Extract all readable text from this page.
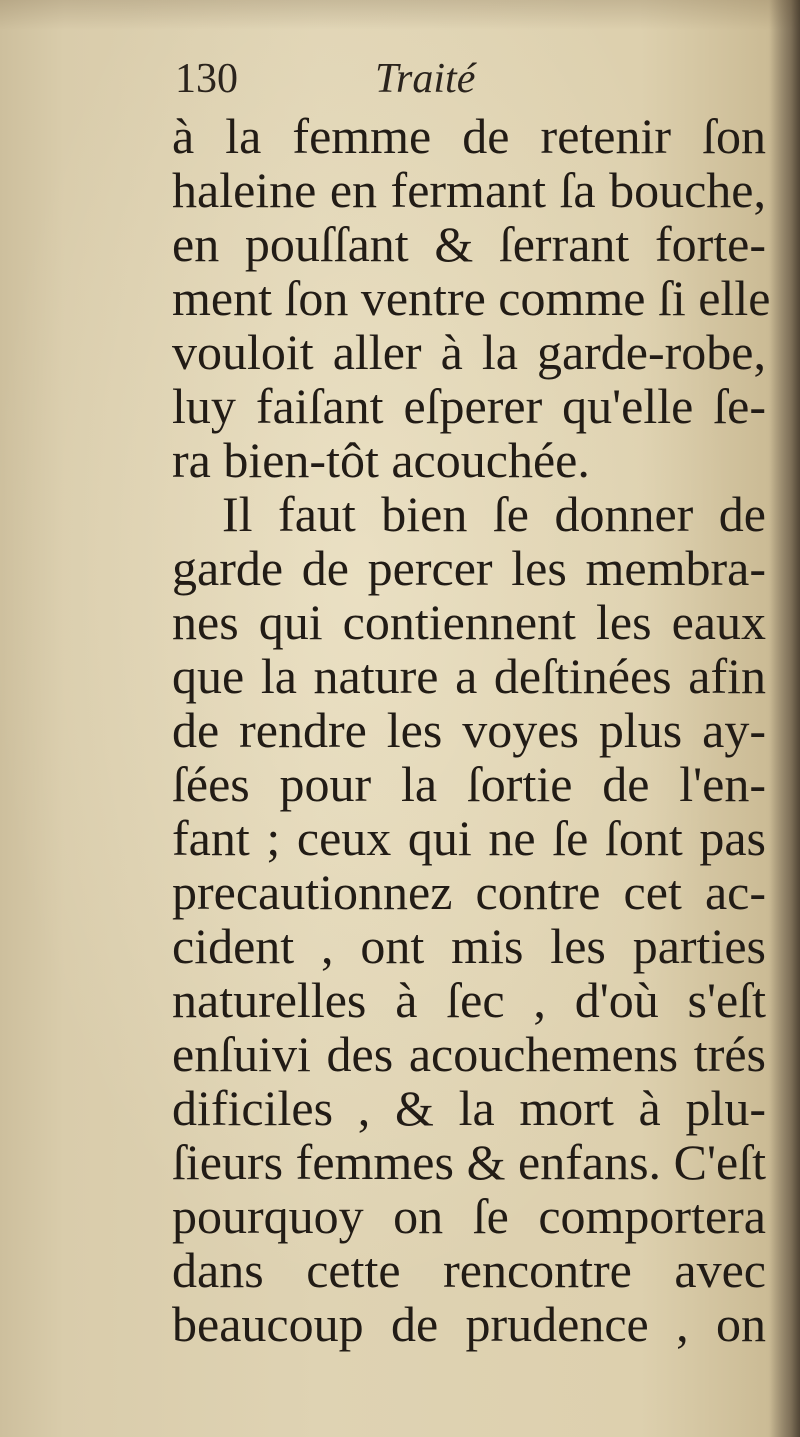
130	Traité
à la femme de retenir ſon
haleine en fermant ſa bouche,
en pouſſant & ſerrant forte-
ment ſon ventre comme ſi elle
vouloit aller à la garde-robe,
luy faiſant eſperer qu'elle ſe-
ra bien-tôt acouchée.
Il faut bien ſe donner de
garde de percer les membra-
nes qui contiennent les eaux
que la nature a deſtinées afin
de rendre les voyes plus ay-
ſées pour la ſortie de l'en-
fant ; ceux qui ne ſe ſont pas
precautionnez contre cet ac-
cident , ont mis les parties
naturelles à ſec , d'où s'eſt
enſuivi des acouchemens trés
dificiles , & la mort à plu-
ſieurs femmes & enfans. C'eſt
pourquoy on ſe comportera
dans cette rencontre avec
beaucoup de prudence , on
